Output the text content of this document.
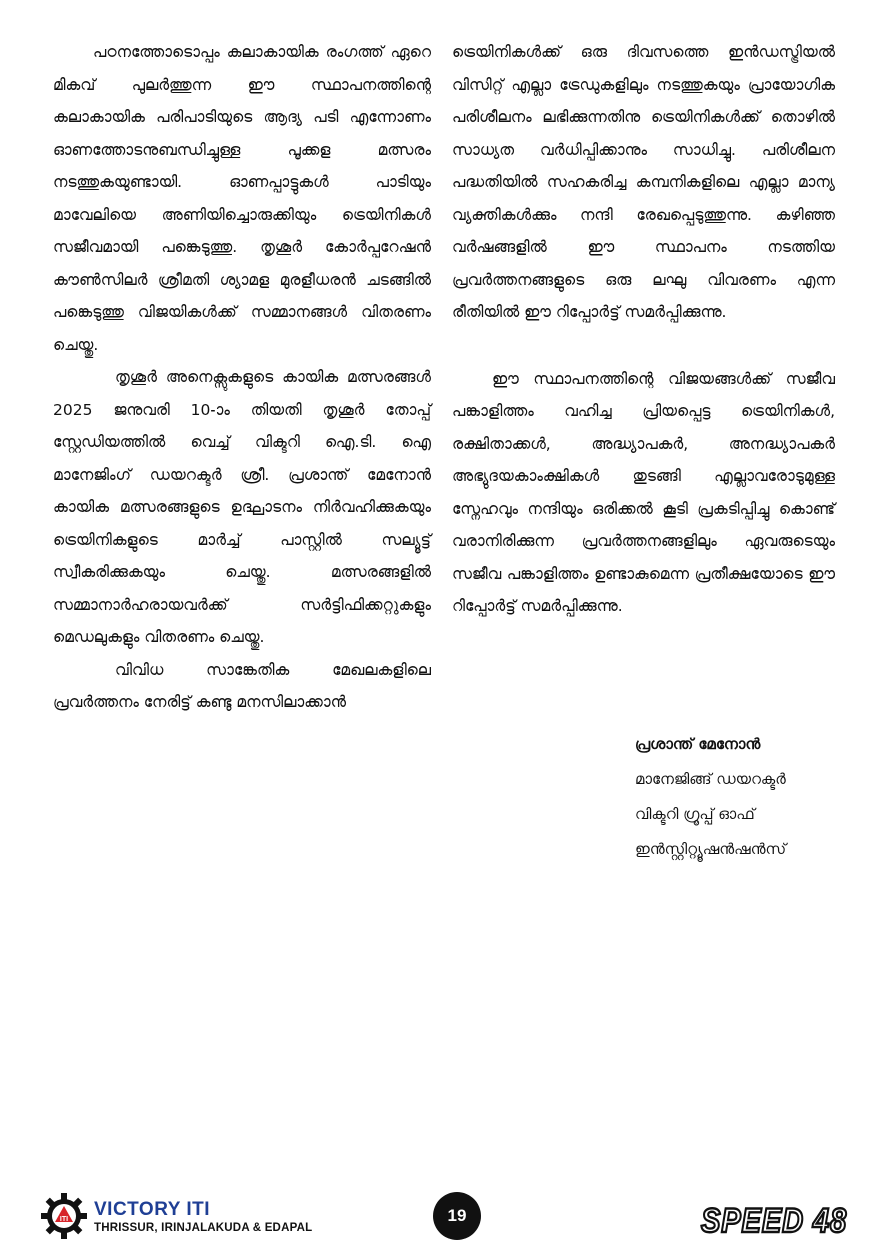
പഠനത്തോടൊപ്പം കലാകായിക രംഗത്ത് ഏറെ മികവ് പുലർത്തുന്ന ഈ സ്ഥാപനത്തിന്റെ കലാകായിക പരിപാടിയുടെ ആദ്യ പടി എന്നോണം ഓണത്തോടനുബന്ധിച്ചുള്ള പൂക്കള മത്സരം നടത്തുകയുണ്ടായി. ഓണപ്പാട്ടുകൾ പാടിയും മാവേലിയെ അണിയിച്ചൊരുക്കിയും ട്രെയിനികൾ സജീവമായി പങ്കെടുത്തു. തൃശൂർ കോർപ്പറേഷൻ കൗൺസിലർ ശ്രീമതി ശ്യാമള മുരളീധരൻ ചടങ്ങിൽ പങ്കെടുത്തു വിജയികൾക്ക് സമ്മാനങ്ങൾ വിതരണം ചെയ്തു.

തൃശൂർ അനെക്സുകളുടെ കായിക മത്സരങ്ങൾ 2025 ജനുവരി 10-ാം തിയതി തൃശൂർ തോപ്പ് സ്റ്റേഡിയത്തിൽ വെച്ച് വിക്ടറി ഐ.ടി. ഐ മാനേജിംഗ് ഡയറക്ടർ ശ്രീ. പ്രശാന്ത് മേനോൻ കായിക മത്സരങ്ങളുടെ ഉദ്ഘാടനം നിർവഹിക്കുകയും ട്രെയിനികളുടെ മാർച്ച് പാസ്റ്റിൽ സല്യൂട്ട് സ്വീകരിക്കുകയും ചെയ്തു. മത്സരങ്ങളിൽ സമ്മാനാർഹരായവർക്ക് സർട്ടിഫിക്കറ്റുകളും മെഡലുകളും വിതരണം ചെയ്തു.

വിവിധ സാങ്കേതിക മേഖലകളിലെ പ്രവർത്തനം നേരിട്ട് കണ്ടു മനസിലാക്കാൻ

ട്രെയിനികൾക്ക് ഒരു ദിവസത്തെ ഇൻഡസ്ട്രിയൽ വിസിറ്റ് എല്ലാ ട്രേഡുകളിലും നടത്തുകയും പ്രായോഗിക പരിശീലനം ലഭിക്കുന്നതിനു ട്രെയിനികൾക്ക് തൊഴിൽ സാധ്യത വർധിപ്പിക്കാനും സാധിച്ചു. പരിശീലന പദ്ധതിയിൽ സഹകരിച്ച കമ്പനികളിലെ എല്ലാ മാന്യ വ്യക്തികൾക്കും നന്ദി രേഖപ്പെടുത്തുന്നു. കഴിഞ്ഞ വർഷങ്ങളിൽ ഈ സ്ഥാപനം നടത്തിയ പ്രവർത്തനങ്ങളുടെ ഒരു ലഘു വിവരണം എന്ന രീതിയിൽ ഈ റിപ്പോർട്ട് സമർപ്പിക്കുന്നു.

ഈ സ്ഥാപനത്തിന്റെ വിജയങ്ങൾക്ക് സജീവ പങ്കാളിത്തം വഹിച്ച പ്രിയപ്പെട്ട ട്രെയിനികൾ, രക്ഷിതാക്കൾ, അദ്ധ്യാപകർ, അനദ്ധ്യാപകർ അഭ്യുദയകാംക്ഷികൾ തുടങ്ങി എല്ലാവരോടുമുള്ള സ്നേഹവും നന്ദിയും ഒരിക്കൽ കൂടി പ്രകടിപ്പിച്ചു കൊണ്ട് വരാനിരിക്കുന്ന പ്രവർത്തനങ്ങളിലും ഏവരുടെയും സജീവ പങ്കാളിത്തം ഉണ്ടാകുമെന്ന പ്രതീക്ഷയോടെ ഈ റിപ്പോർട്ട് സമർപ്പിക്കുന്നു.

പ്രശാന്ത് മേനോൻ
മാനേജിങ്ങ് ഡയറക്ടർ
വിക്ടറി ഗ്രൂപ്പ് ഓഫ്
ഇൻസ്റ്റിറ്റ്യൂഷൻഷൻസ്
ITI VICTORY ITI
THRISSUR, IRINJALAKUDA & EDAPAL
19	SPEED 48
